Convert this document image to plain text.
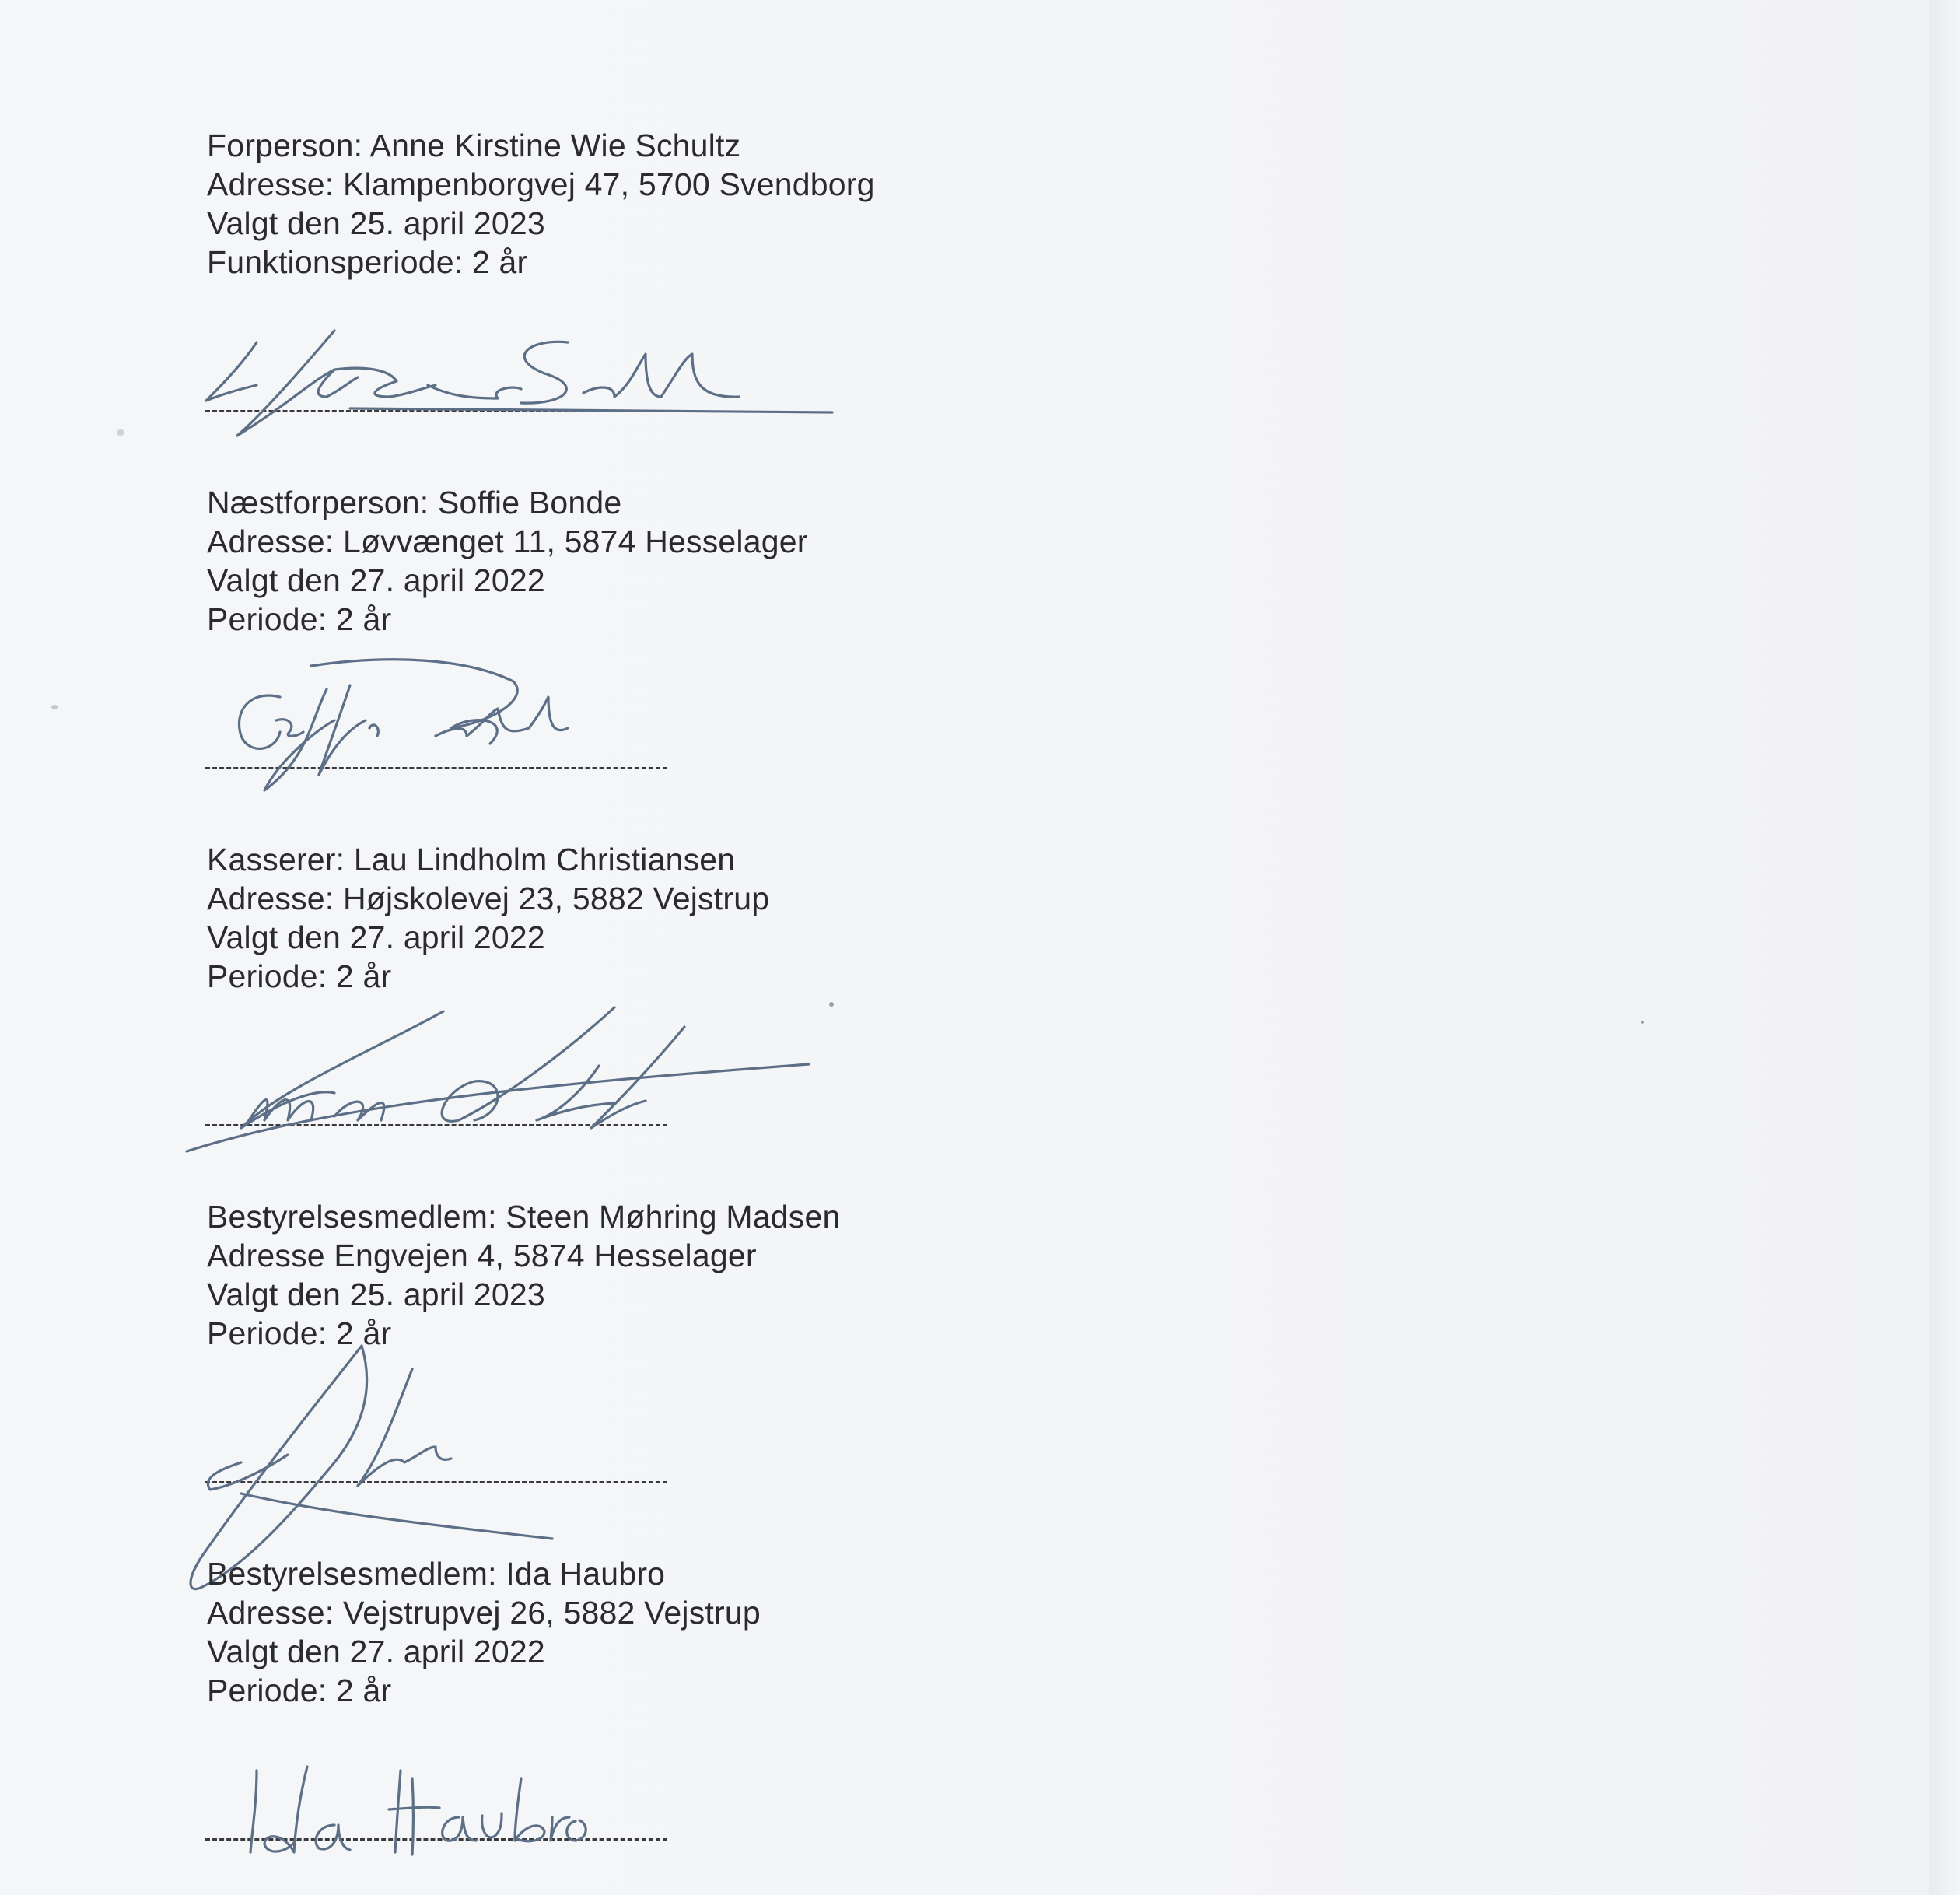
Forperson: Anne Kirstine Wie Schultz
Adresse: Klampenborgvej 47, 5700 Svendborg
Valgt den 25. april 2023
Funktionsperiode: 2 år
Næstforperson: Soffie Bonde
Adresse: Løvvænget 11, 5874 Hesselager
Valgt den 27. april 2022
Periode: 2 år
Kasserer: Lau Lindholm Christiansen
Adresse: Højskolevej 23, 5882 Vejstrup
Valgt den 27. april 2022
Periode: 2 år
Bestyrelsesmedlem: Steen Møhring Madsen
Adresse Engvejen 4, 5874 Hesselager
Valgt den 25. april 2023
Periode: 2 år
Bestyrelsesmedlem: Ida Haubro
Adresse: Vejstrupvej 26, 5882 Vejstrup
Valgt den 27. april 2022
Periode: 2 år
